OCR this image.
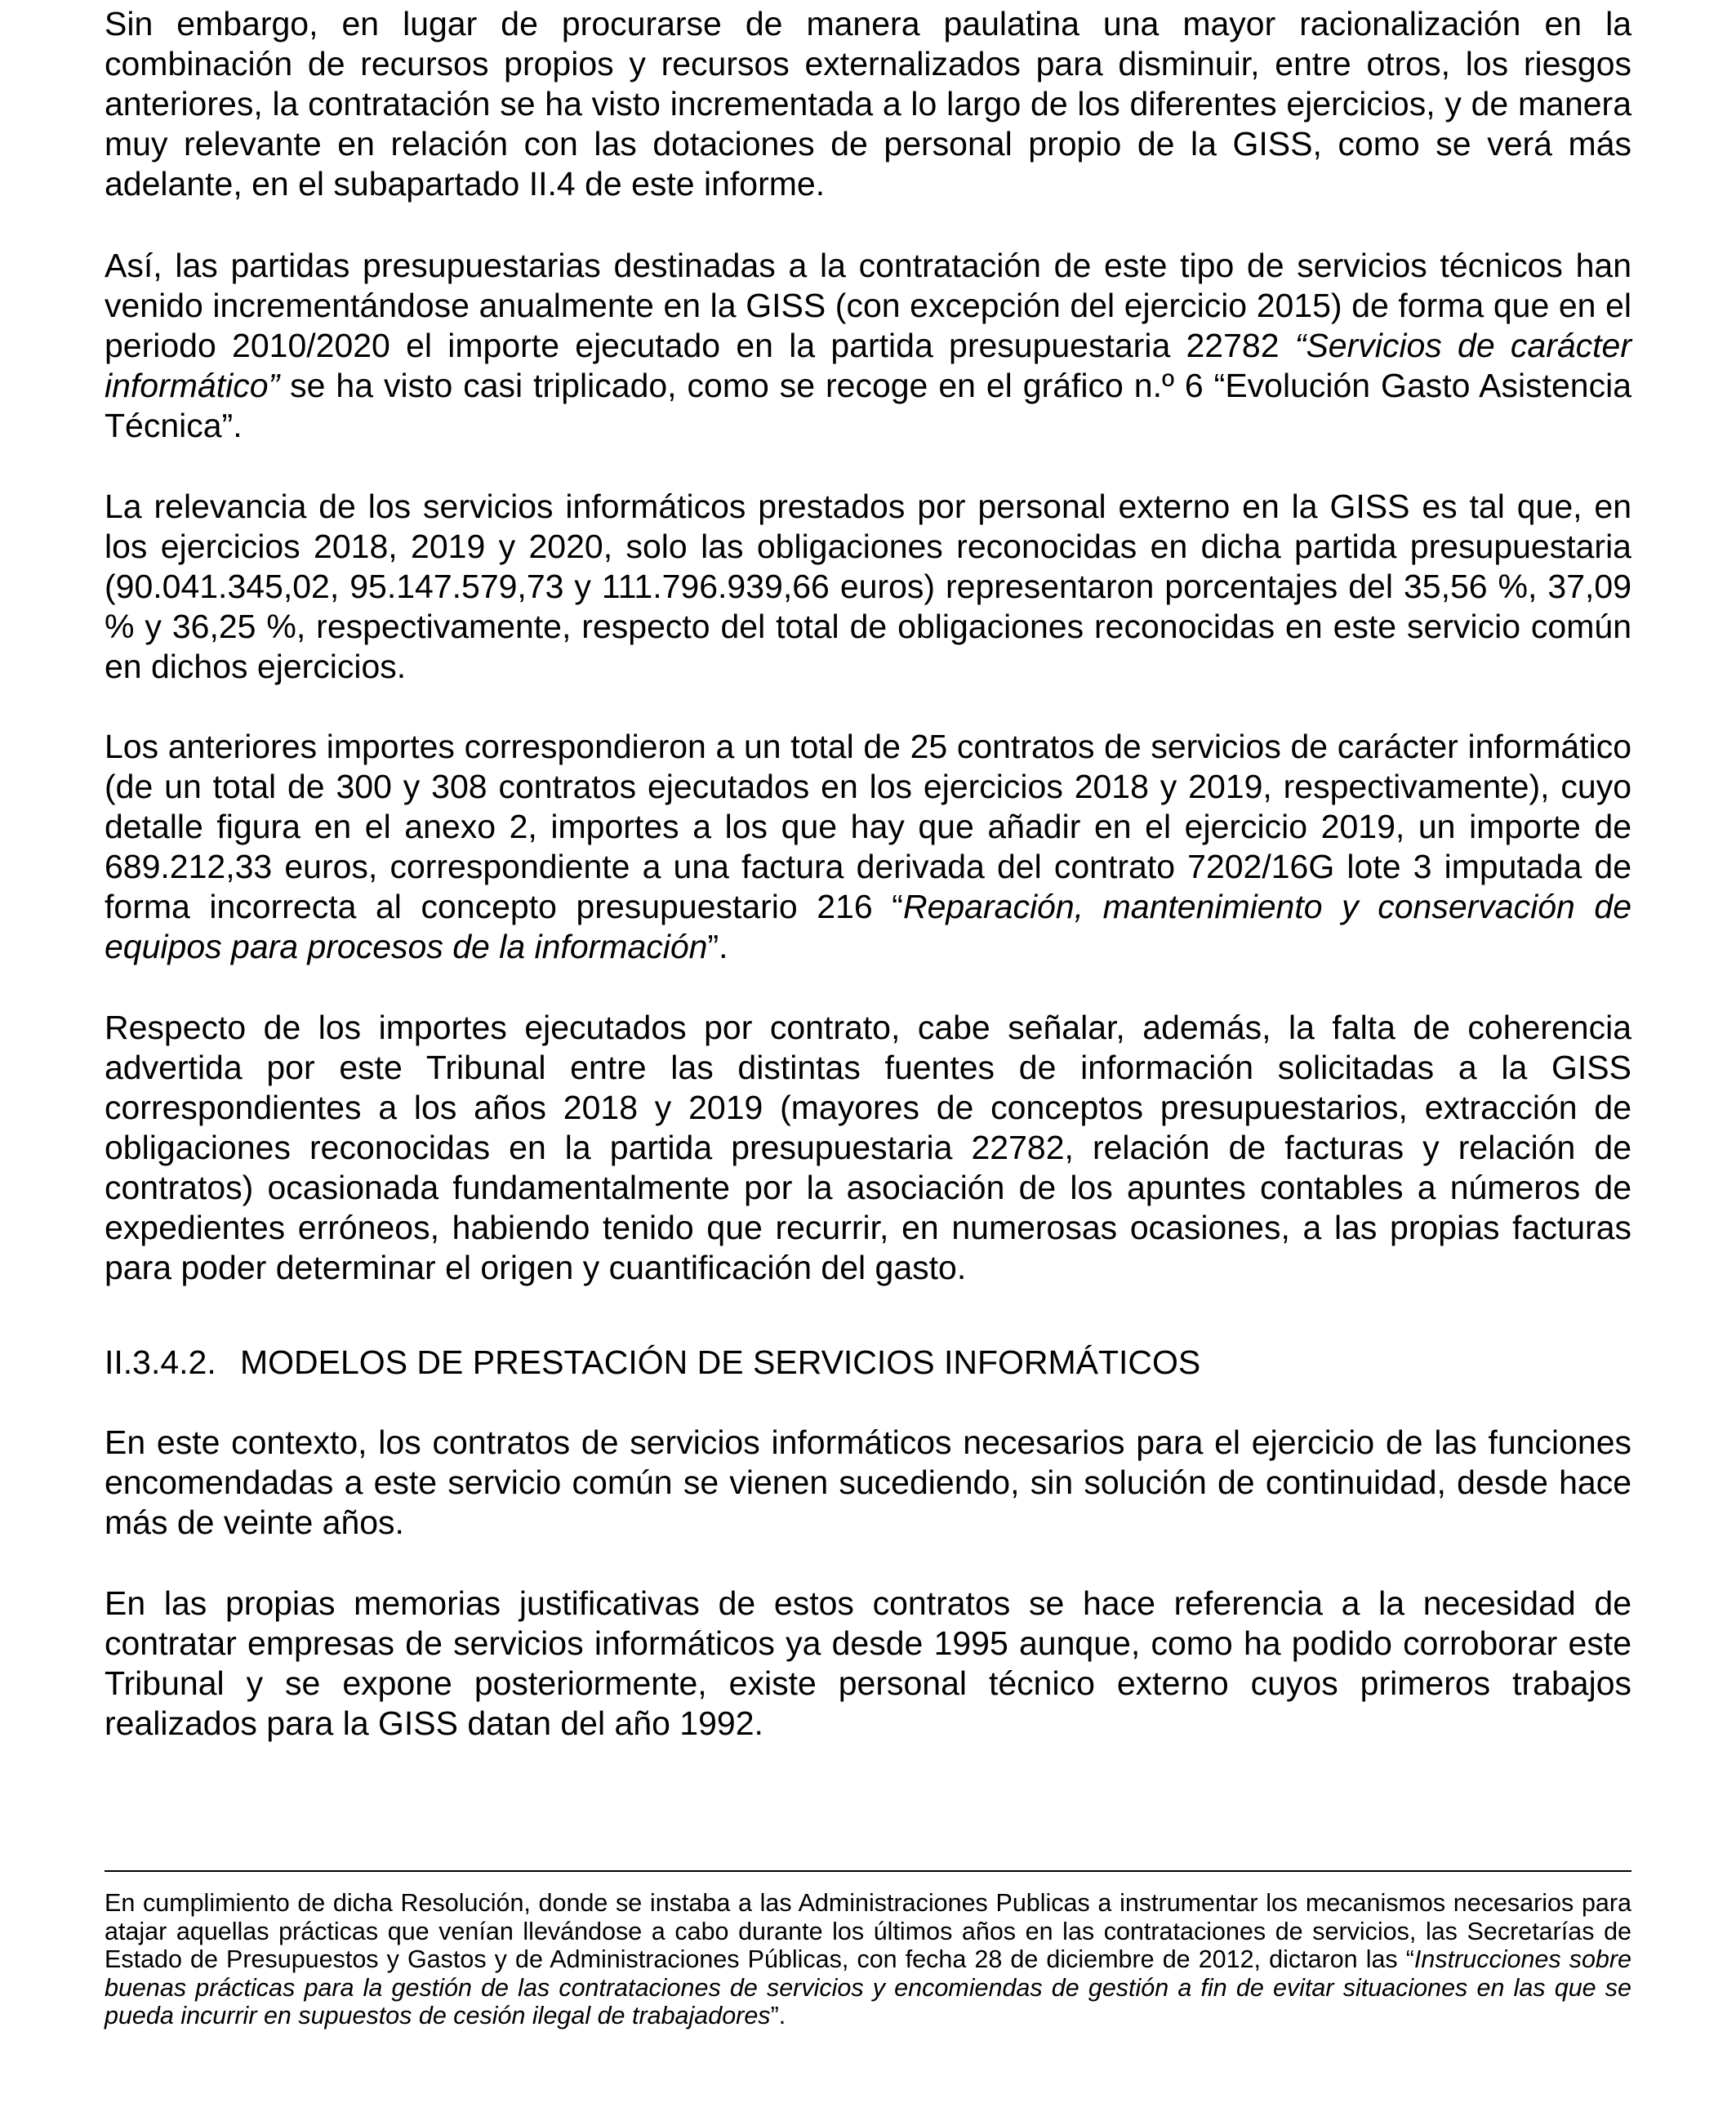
Sin embargo, en lugar de procurarse de manera paulatina una mayor racionalización en la combinación de recursos propios y recursos externalizados para disminuir, entre otros, los riesgos anteriores, la contratación se ha visto incrementada a lo largo de los diferentes ejercicios, y de manera muy relevante en relación con las dotaciones de personal propio de la GISS, como se verá más adelante, en el subapartado II.4 de este informe.

Así, las partidas presupuestarias destinadas a la contratación de este tipo de servicios técnicos han venido incrementándose anualmente en la GISS (con excepción del ejercicio 2015) de forma que en el periodo 2010/2020 el importe ejecutado en la partida presupuestaria 22782 “Servicios de carácter informático” se ha visto casi triplicado, como se recoge en el gráfico n.º 6 “Evolución Gasto Asistencia Técnica”.

La relevancia de los servicios informáticos prestados por personal externo en la GISS es tal que, en los ejercicios 2018, 2019 y 2020, solo las obligaciones reconocidas en dicha partida presupuestaria (90.041.345,02, 95.147.579,73 y 111.796.939,66 euros) representaron porcentajes del 35,56 %, 37,09 % y 36,25 %, respectivamente, respecto del total de obligaciones reconocidas en este servicio común en dichos ejercicios.

Los anteriores importes correspondieron a un total de 25 contratos de servicios de carácter informático (de un total de 300 y 308 contratos ejecutados en los ejercicios 2018 y 2019, respectivamente), cuyo detalle figura en el anexo 2, importes a los que hay que añadir en el ejercicio 2019, un importe de 689.212,33 euros, correspondiente a una factura derivada del contrato 7202/16G lote 3 imputada de forma incorrecta al concepto presupuestario 216 “Reparación, mantenimiento y conservación de equipos para procesos de la información”.

Respecto de los importes ejecutados por contrato, cabe señalar, además, la falta de coherencia advertida por este Tribunal entre las distintas fuentes de información solicitadas a la GISS correspondientes a los años 2018 y 2019 (mayores de conceptos presupuestarios, extracción de obligaciones reconocidas en la partida presupuestaria 22782, relación de facturas y relación de contratos) ocasionada fundamentalmente por la asociación de los apuntes contables a números de expedientes erróneos, habiendo tenido que recurrir, en numerosas ocasiones, a las propias facturas para poder determinar el origen y cuantificación del gasto.

II.3.4.2. MODELOS DE PRESTACIÓN DE SERVICIOS INFORMÁTICOS

En este contexto, los contratos de servicios informáticos necesarios para el ejercicio de las funciones encomendadas a este servicio común se vienen sucediendo, sin solución de continuidad, desde hace más de veinte años.

En las propias memorias justificativas de estos contratos se hace referencia a la necesidad de contratar empresas de servicios informáticos ya desde 1995 aunque, como ha podido corroborar este Tribunal y se expone posteriormente, existe personal técnico externo cuyos primeros trabajos realizados para la GISS datan del año 1992.

En cumplimiento de dicha Resolución, donde se instaba a las Administraciones Publicas a instrumentar los mecanismos necesarios para atajar aquellas prácticas que venían llevándose a cabo durante los últimos años en las contrataciones de servicios, las Secretarías de Estado de Presupuestos y Gastos y de Administraciones Públicas, con fecha 28 de diciembre de 2012, dictaron las “Instrucciones sobre buenas prácticas para la gestión de las contrataciones de servicios y encomiendas de gestión a fin de evitar situaciones en las que se pueda incurrir en supuestos de cesión ilegal de trabajadores”.
